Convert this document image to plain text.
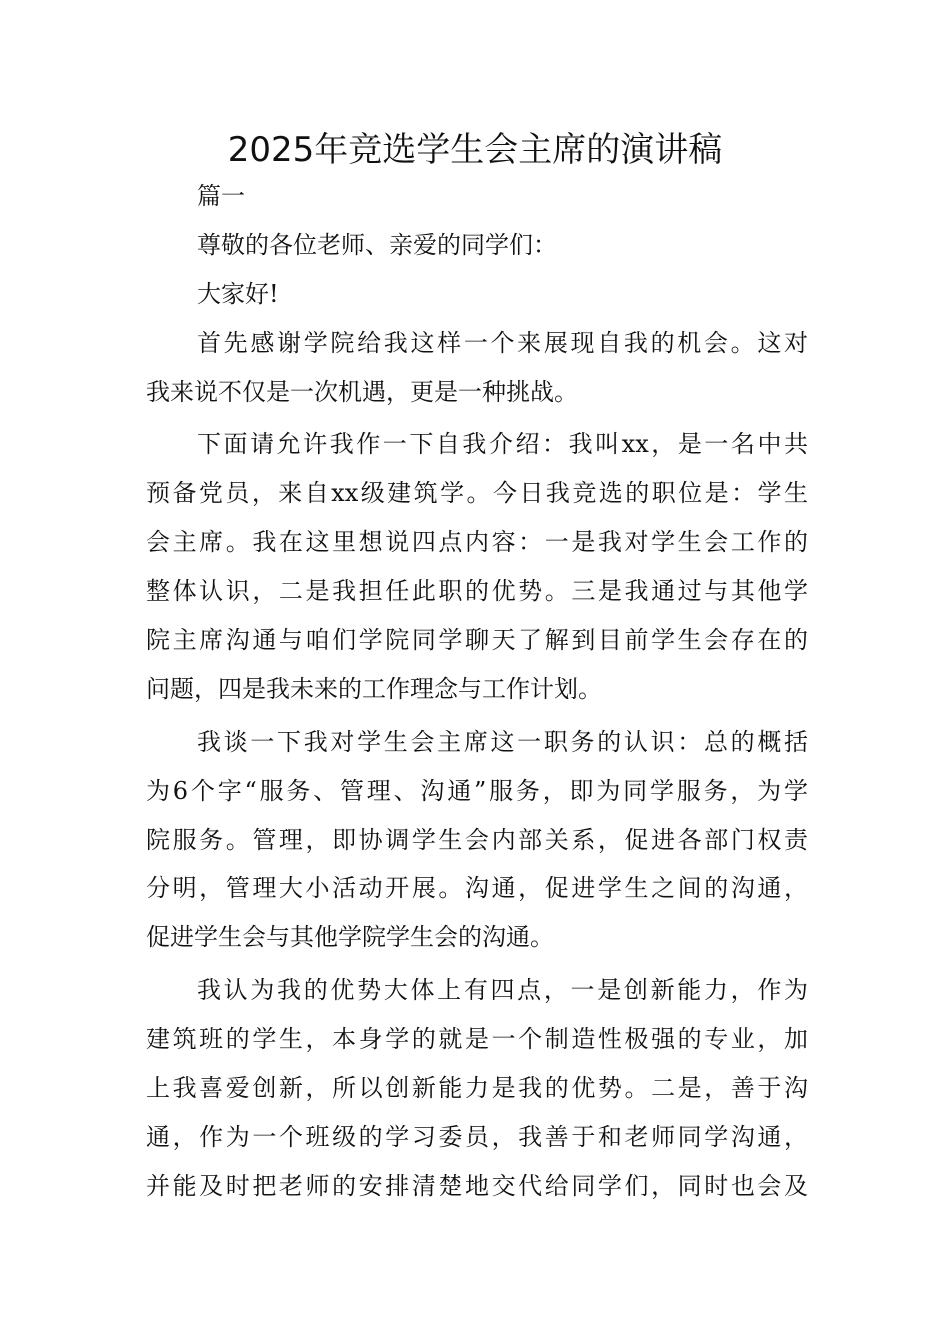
2025年竞选学生会主席的演讲稿
篇一
尊敬的各位老师、亲爱的同学们：
大家好!
首先感谢学院给我这样一个来展现自我的机会。这对
我来说不仅是一次机遇，更是一种挑战。
下面请允许我作一下自我介绍：我叫xx，是一名中共
预备党员，来自xx级建筑学。今日我竞选的职位是：学生
会主席。我在这里想说四点内容：一是我对学生会工作的
整体认识，二是我担任此职的优势。三是我通过与其他学
院主席沟通与咱们学院同学聊天了解到目前学生会存在的
问题，四是我未来的工作理念与工作计划。
我谈一下我对学生会主席这一职务的认识：总的概括
为6个字“服务、管理、沟通”服务，即为同学服务，为学
院服务。管理，即协调学生会内部关系，促进各部门权责
分明，管理大小活动开展。沟通，促进学生之间的沟通，
促进学生会与其他学院学生会的沟通。
我认为我的优势大体上有四点，一是创新能力，作为
建筑班的学生，本身学的就是一个制造性极强的专业，加
上我喜爱创新，所以创新能力是我的优势。二是，善于沟
通，作为一个班级的学习委员，我善于和老师同学沟通，
并能及时把老师的安排清楚地交代给同学们，同时也会及
